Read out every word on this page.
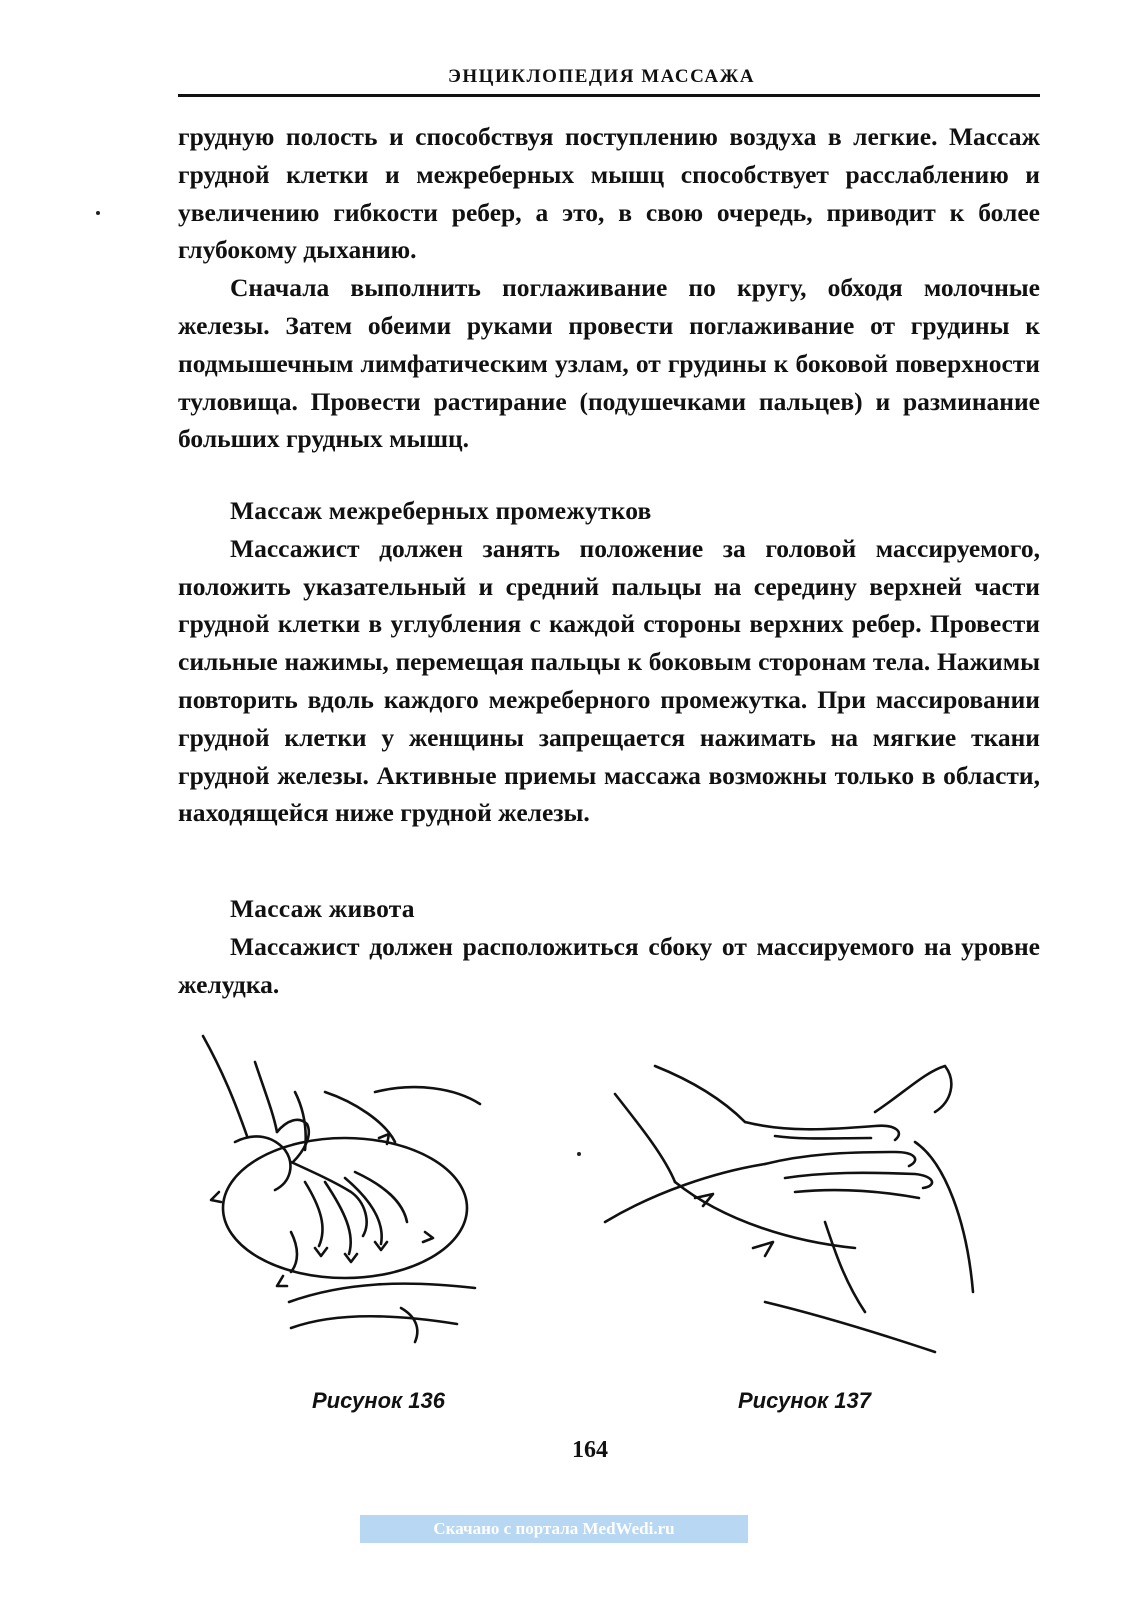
ЭНЦИКЛОПЕДИЯ МАССАЖА

грудную полость и способствуя поступлению воздуха в легкие. Массаж грудной клетки и межреберных мышц способствует расслаблению и увеличению гибкости ребер, а это, в свою очередь, приводит к более глубокому дыханию.

Сначала выполнить поглаживание по кругу, обходя молочные железы. Затем обеими руками провести поглаживание от грудины к подмышечным лимфатическим узлам, от грудины к боковой поверхности туловища. Провести растирание (подушечками пальцев) и разминание больших грудных мышц.

Массаж межреберных промежутков

Массажист должен занять положение за головой массируемого, положить указательный и средний пальцы на середину верхней части грудной клетки в углубления с каждой стороны верхних ребер. Провести сильные нажимы, перемещая пальцы к боковым сторонам тела. Нажимы повторить вдоль каждого межреберного промежутка. При массировании грудной клетки у женщины запрещается нажимать на мягкие ткани грудной железы. Активные приемы массажа возможны только в области, находящейся ниже грудной железы.

Массаж живота

Массажист должен расположиться сбоку от массируемого на уровне желудка.

Рисунок 136	Рисунок 137
164
Скачано с портала MedWedi.ru
